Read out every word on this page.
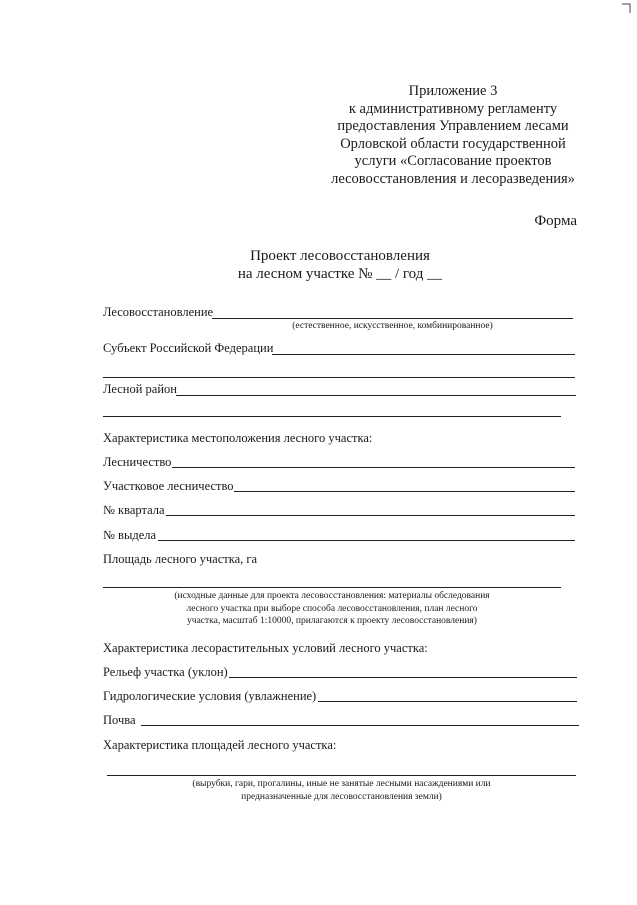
Приложение 3
к административному регламенту
предоставления Управлением лесами
Орловской области государственной
услуги «Согласование проектов
лесовосстановления и лесоразведения»
Форма
Проект лесовосстановления
на лесном участке № __ / год __
Лесовосстановление
(естественное, искусственное, комбинированное)
Субъект Российской Федерации
Лесной район
Характеристика местоположения лесного участка:
Лесничество
Участковое лесничество
№ квартала
№ выдела
Площадь лесного участка, га
(исходные данные для проекта лесовосстановления: материалы обследования
лесного участка при выборе способа лесовосстановления, план лесного
участка, масштаб 1:10000, прилагаются к проекту лесовосстановления)
Характеристика лесорастительных условий лесного участка:
Рельеф участка (уклон)
Гидрологические условия (увлажнение)
Почва
Характеристика площадей лесного участка:
(вырубки, гари, прогалины, иные не занятые лесными насаждениями или
предназначенные для лесовосстановления земли)
